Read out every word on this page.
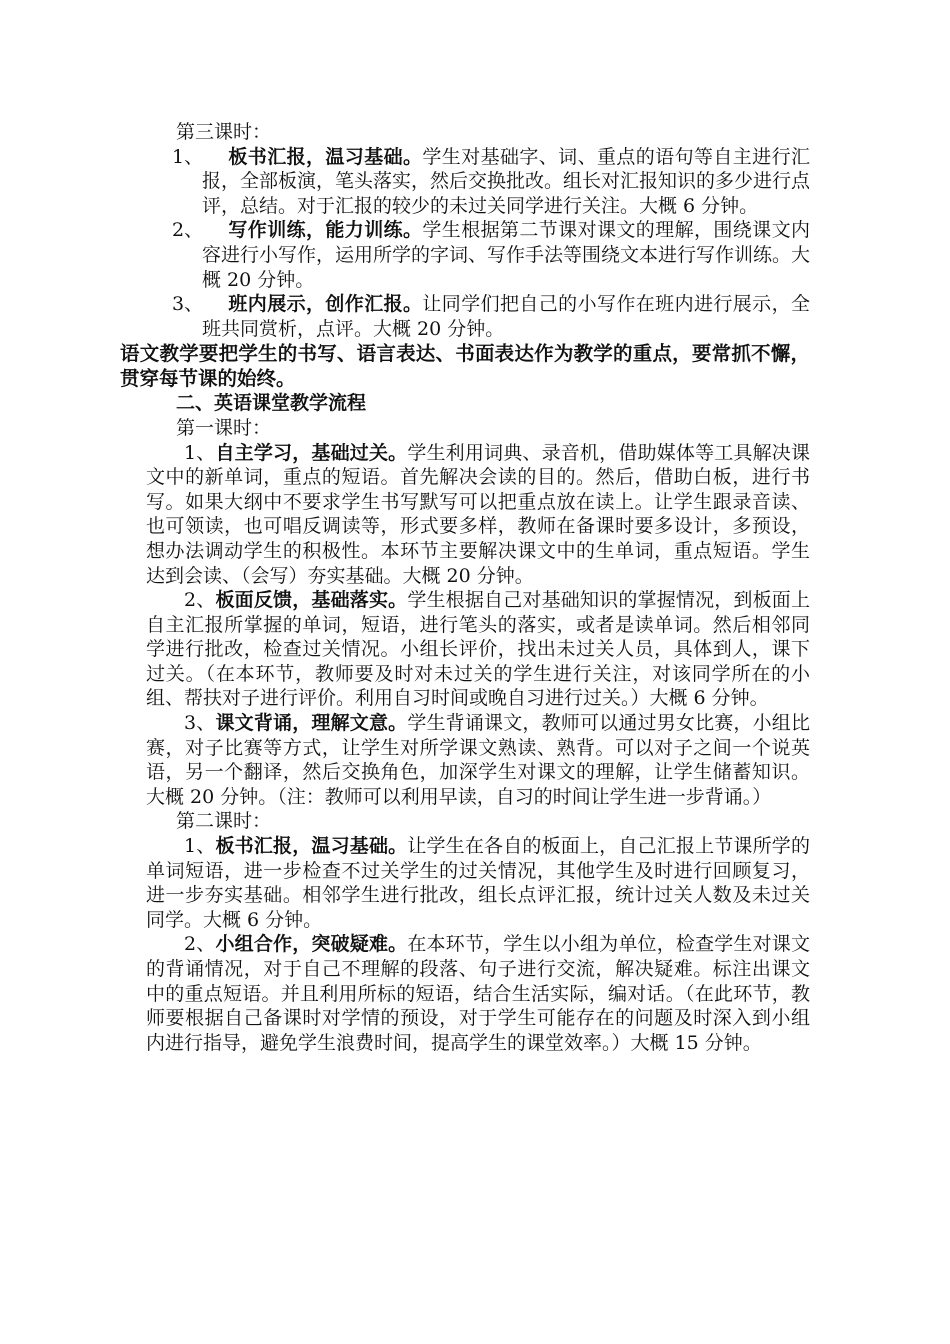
第三课时：

1、 板书汇报，温习基础。学生对基础字、词、重点的语句等自主进行汇报，全部板演，笔头落实，然后交换批改。组长对汇报知识的多少进行点评，总结。对于汇报的较少的未过关同学进行关注。大概 6 分钟。

2、 写作训练，能力训练。学生根据第二节课对课文的理解，围绕课文内容进行小写作，运用所学的字词、写作手法等围绕文本进行写作训练。大概 20 分钟。

3、 班内展示，创作汇报。让同学们把自己的小写作在班内进行展示，全班共同赏析，点评。大概 20 分钟。

语文教学要把学生的书写、语言表达、书面表达作为教学的重点，要常抓不懈，贯穿每节课的始终。

二、英语课堂教学流程

第一课时：

1、自主学习，基础过关。学生利用词典、录音机，借助媒体等工具解决课文中的新单词，重点的短语。首先解决会读的目的。然后，借助白板，进行书写。如果大纲中不要求学生书写默写可以把重点放在读上。让学生跟录音读、也可领读，也可唱反调读等，形式要多样，教师在备课时要多设计，多预设，想办法调动学生的积极性。本环节主要解决课文中的生单词，重点短语。学生达到会读、（会写）夯实基础。大概 20 分钟。

2、板面反馈，基础落实。学生根据自己对基础知识的掌握情况，到板面上自主汇报所掌握的单词，短语，进行笔头的落实，或者是读单词。然后相邻同学进行批改，检查过关情况。小组长评价，找出未过关人员，具体到人，课下过关。（在本环节，教师要及时对未过关的学生进行关注，对该同学所在的小组、帮扶对子进行评价。利用自习时间或晚自习进行过关。）大概 6 分钟。

3、课文背诵，理解文意。学生背诵课文，教师可以通过男女比赛，小组比赛，对子比赛等方式，让学生对所学课文熟读、熟背。可以对子之间一个说英语，另一个翻译，然后交换角色，加深学生对课文的理解，让学生储蓄知识。大概 20 分钟。（注：教师可以利用早读，自习的时间让学生进一步背诵。）

第二课时：

1、板书汇报，温习基础。让学生在各自的板面上，自己汇报上节课所学的单词短语，进一步检查不过关学生的过关情况，其他学生及时进行回顾复习，进一步夯实基础。相邻学生进行批改，组长点评汇报，统计过关人数及未过关同学。大概 6 分钟。

2、小组合作，突破疑难。在本环节，学生以小组为单位，检查学生对课文的背诵情况，对于自己不理解的段落、句子进行交流，解决疑难。标注出课文中的重点短语。并且利用所标的短语，结合生活实际，编对话。（在此环节，教师要根据自己备课时对学情的预设，对于学生可能存在的问题及时深入到小组内进行指导，避免学生浪费时间，提高学生的课堂效率。）大概 15 分钟。
